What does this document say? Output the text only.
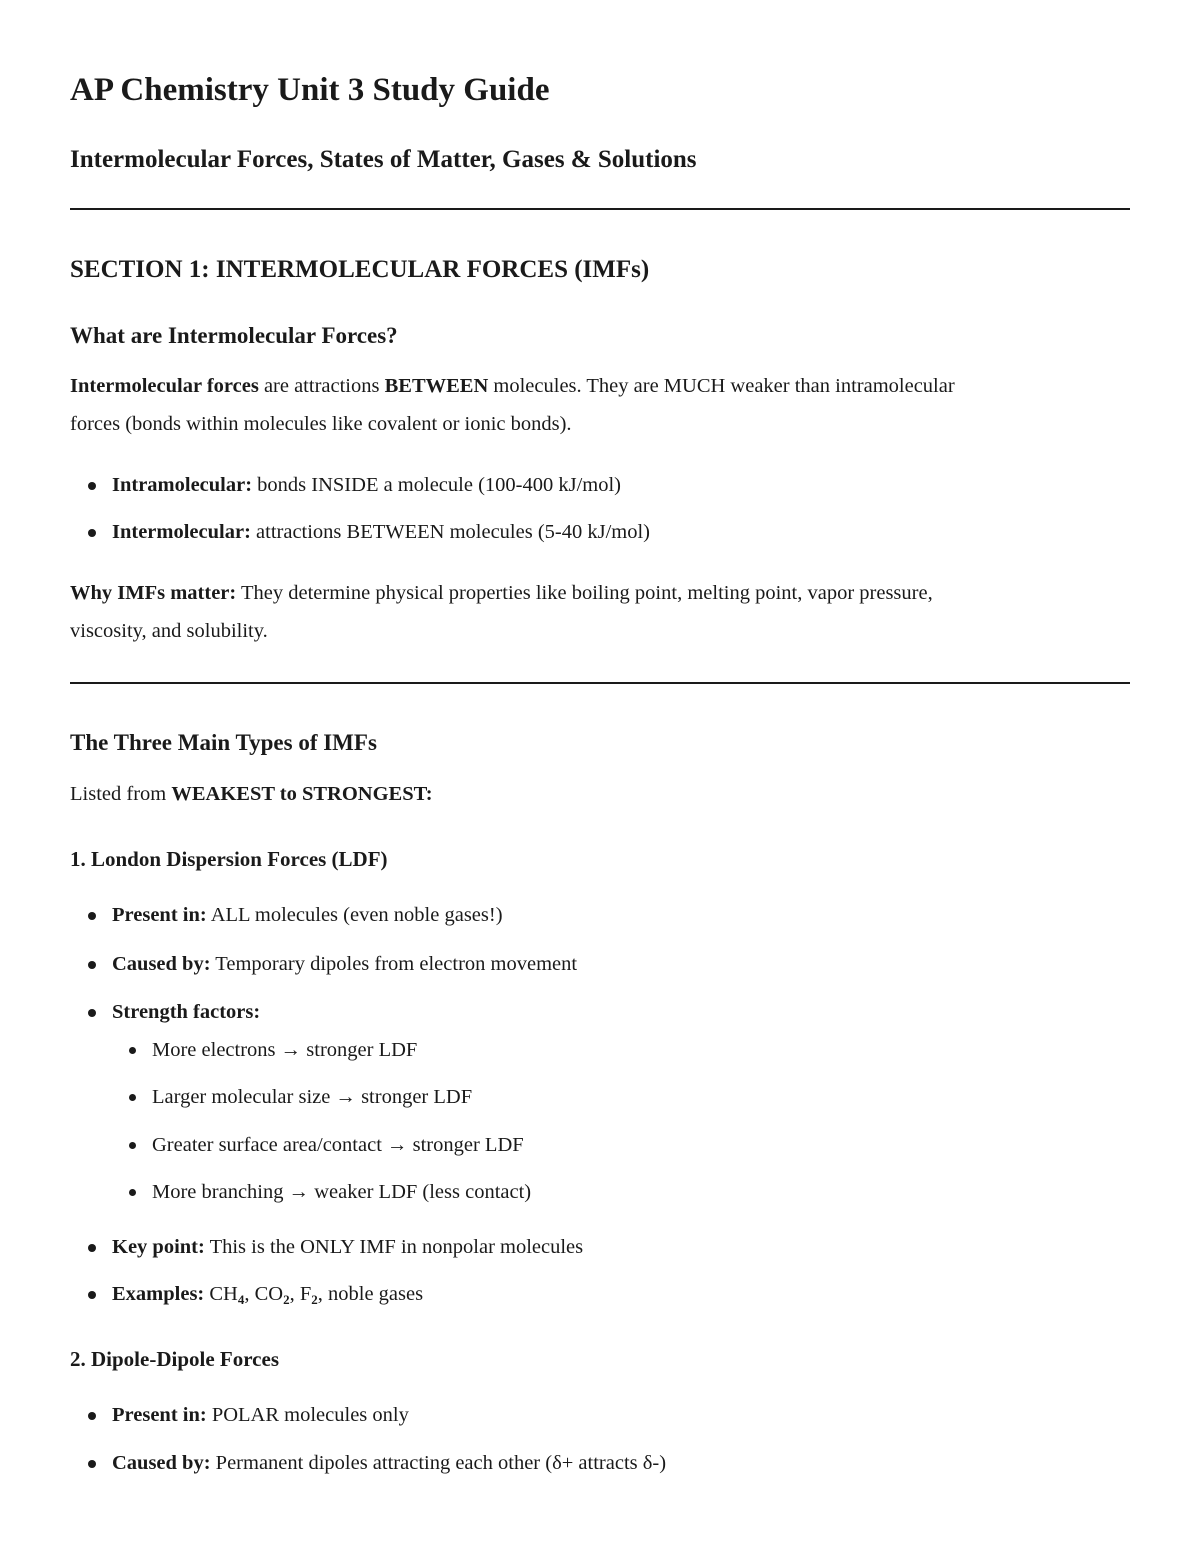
AP Chemistry Unit 3 Study Guide
Intermolecular Forces, States of Matter, Gases & Solutions
SECTION 1: INTERMOLECULAR FORCES (IMFs)
What are Intermolecular Forces?

Intermolecular forces are attractions BETWEEN molecules. They are MUCH weaker than intramolecular
forces (bonds within molecules like covalent or ionic bonds).

Intramolecular: bonds INSIDE a molecule (100-400 kJ/mol)
Intermolecular: attractions BETWEEN molecules (5-40 kJ/mol)

Why IMFs matter: They determine physical properties like boiling point, melting point, vapor pressure,
viscosity, and solubility.

The Three Main Types of IMFs

Listed from WEAKEST to STRONGEST:

1. London Dispersion Forces (LDF)
Present in: ALL molecules (even noble gases!)
Caused by: Temporary dipoles from electron movement
Strength factors:
More electrons → stronger LDF
Larger molecular size → stronger LDF
Greater surface area/contact → stronger LDF
More branching → weaker LDF (less contact)
Key point: This is the ONLY IMF in nonpolar molecules
Examples: $CH_4$, $CO_2$, $F_2$, noble gases
2. Dipole-Dipole Forces
Present in: POLAR molecules only
Caused by: Permanent dipoles attracting each other (δ+ attracts δ-)
